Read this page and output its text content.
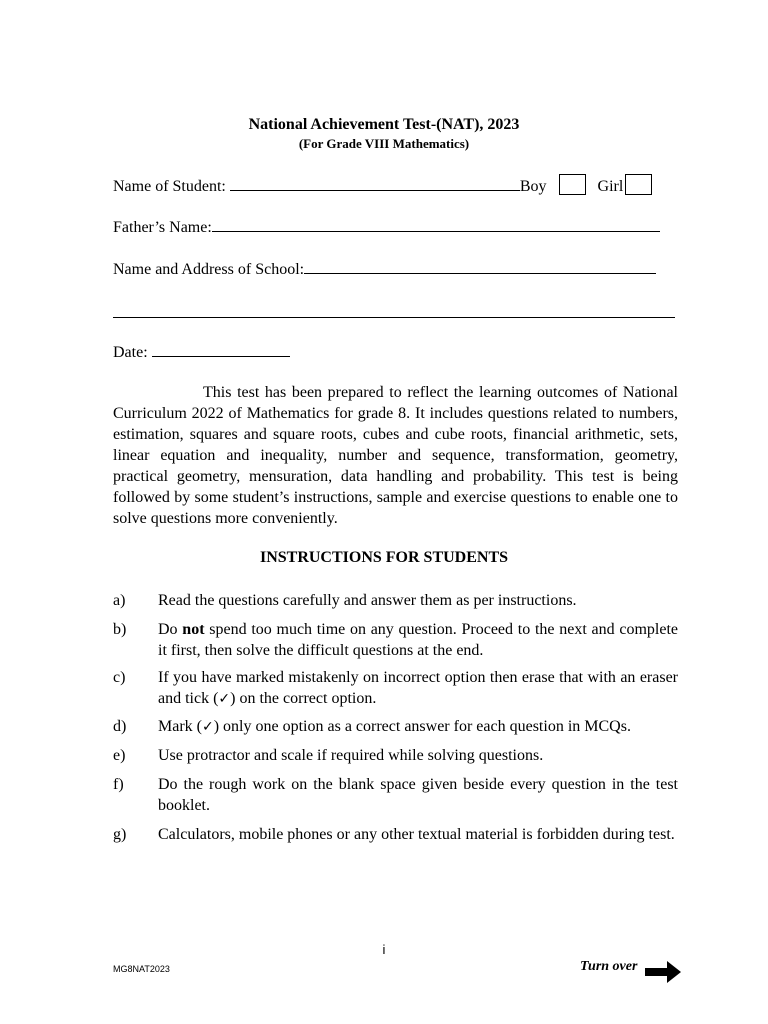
National Achievement Test-(NAT), 2023
(For Grade VIII Mathematics)
Name of Student:	Boy	Girl
Father’s Name:
Name and Address of School:
Date:
This test has been prepared to reflect the learning outcomes of National Curriculum 2022 of Mathematics for grade 8. It includes questions related to numbers, estimation, squares and square roots, cubes and cube roots, financial arithmetic, sets, linear equation and inequality, number and sequence, transformation, geometry, practical geometry, mensuration, data handling and probability. This test is being followed by some student’s instructions, sample and exercise questions to enable one to solve questions more conveniently.
INSTRUCTIONS FOR STUDENTS
a)	Read the questions carefully and answer them as per instructions.
b)	Do not spend too much time on any question. Proceed to the next and complete it first, then solve the difficult questions at the end.
c)	If you have marked mistakenly on incorrect option then erase that with an eraser and tick (✓) on the correct option.
d)	Mark (✓) only one option as a correct answer for each question in MCQs.
e)	Use protractor and scale if required while solving questions.
f)	Do the rough work on the blank space given beside every question in the test booklet.
g)	Calculators, mobile phones or any other textual material is forbidden during test.
i
MG8NAT2023	Turn over
